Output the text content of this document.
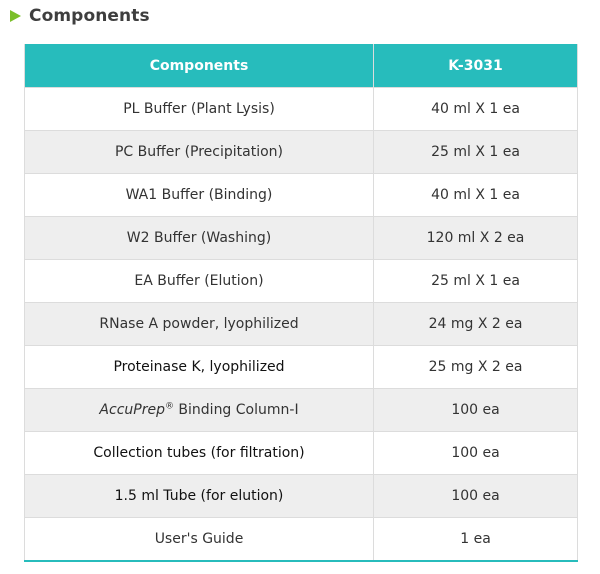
Components
Components	K-3031
PL Buffer (Plant Lysis)	40 ml X 1 ea
PC Buffer (Precipitation)	25 ml X 1 ea
WA1 Buffer (Binding)	40 ml X 1 ea
W2 Buffer (Washing)	120 ml X 2 ea
EA Buffer (Elution)	25 ml X 1 ea
RNase A powder, lyophilized	24 mg X 2 ea
Proteinase K, lyophilized	25 mg X 2 ea
AccuPrep® Binding Column-I	100 ea
Collection tubes (for filtration)	100 ea
1.5 ml Tube (for elution)	100 ea
User's Guide	1 ea
